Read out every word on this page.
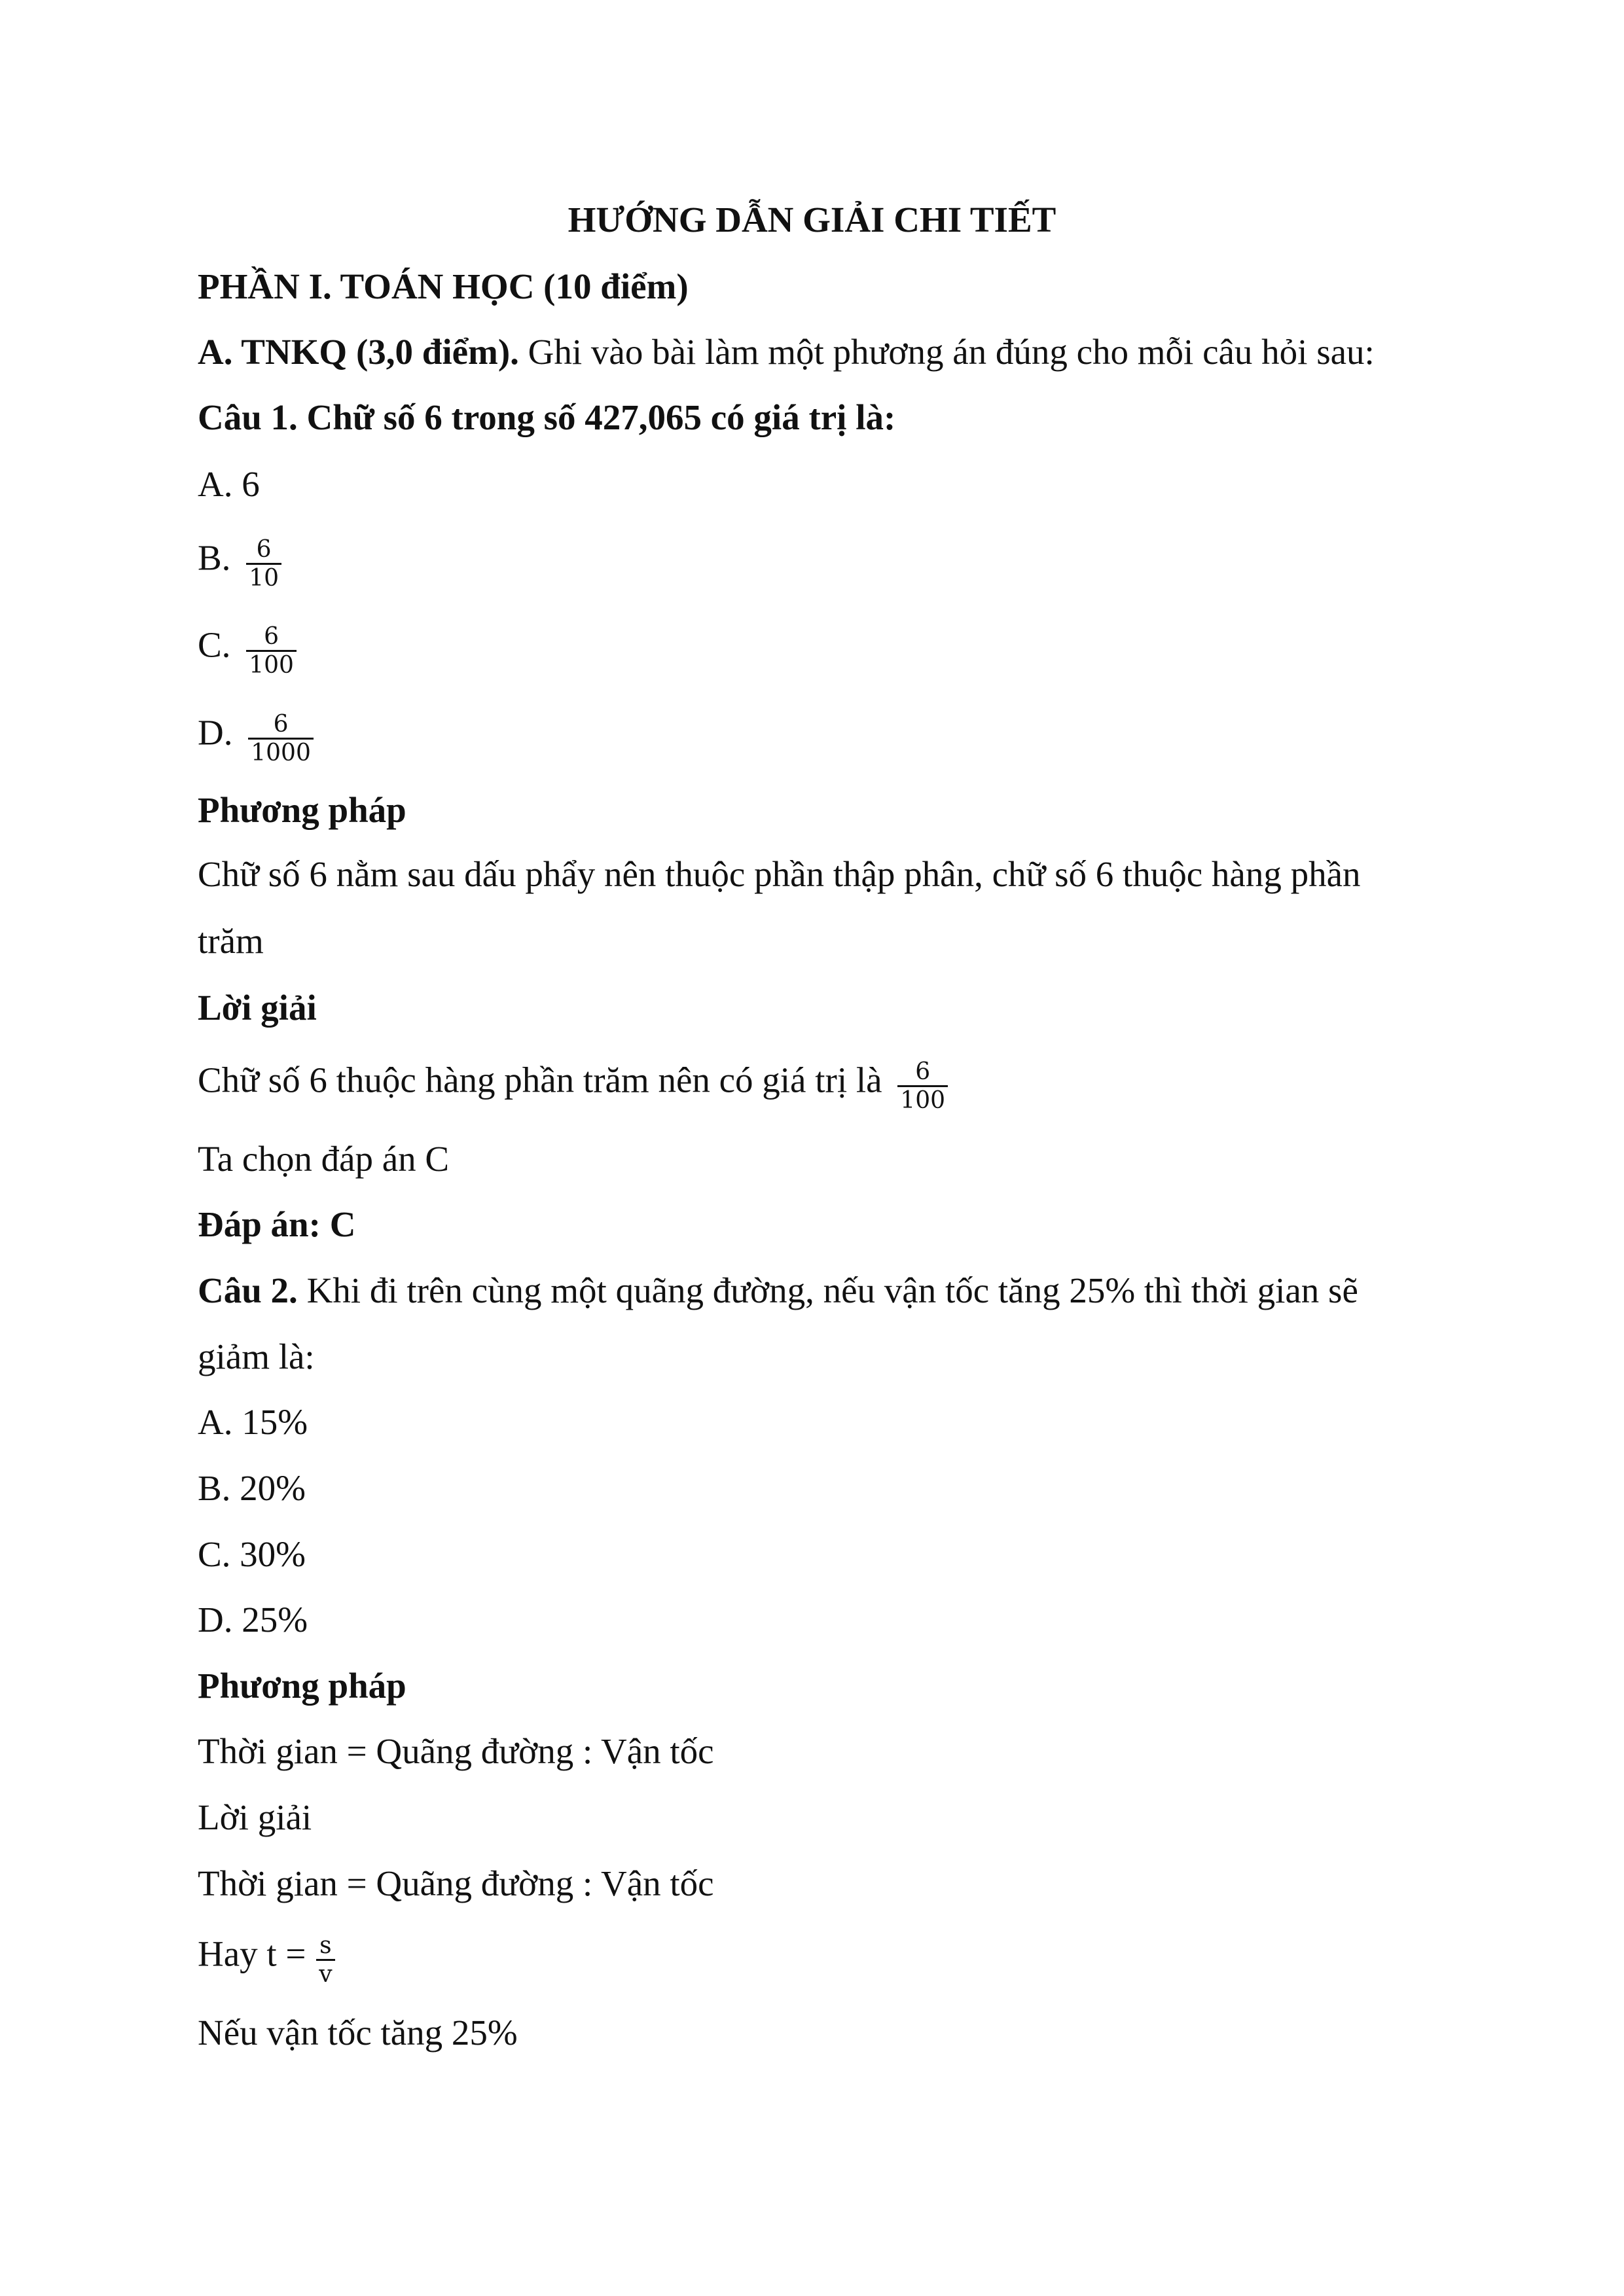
HƯỚNG DẪN GIẢI CHI TIẾT
PHẦN I. TOÁN HỌC (10 điểm)
A. TNKQ (3,0 điểm). Ghi vào bài làm một phương án đúng cho mỗi câu hỏi sau:
Câu 1. Chữ số 6 trong số 427,065 có giá trị là:
A. 6
B. $\frac{6}{10}$
C. $\frac{6}{100}$
D. $\frac{6}{1000}$
Phương pháp
Chữ số 6 nằm sau dấu phẩy nên thuộc phần thập phân, chữ số 6 thuộc hàng phần
trăm
Lời giải
Chữ số 6 thuộc hàng phần trăm nên có giá trị là $\frac{6}{100}$
Ta chọn đáp án C
Đáp án: C
Câu 2. Khi đi trên cùng một quãng đường, nếu vận tốc tăng 25% thì thời gian sẽ
giảm là:
A. 15%
B. 20%
C. 30%
D. 25%
Phương pháp
Thời gian = Quãng đường : Vận tốc
Lời giải
Thời gian = Quãng đường : Vận tốc
Hay $t = \frac{s}{v}$
Nếu vận tốc tăng 25%
